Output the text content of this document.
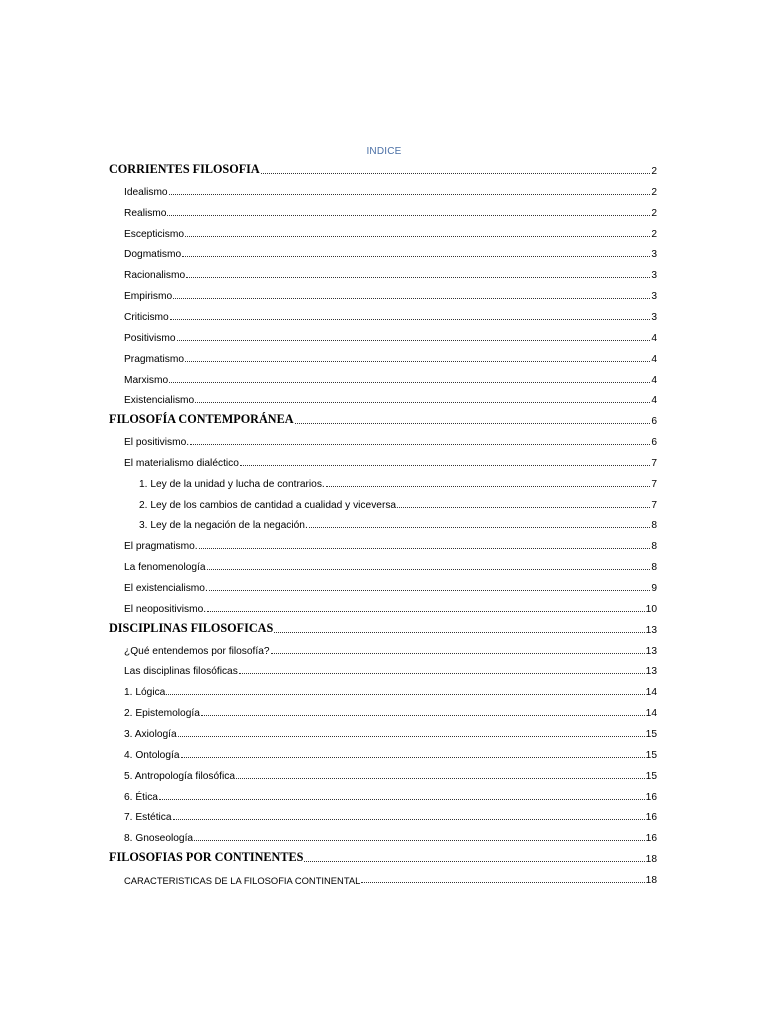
INDICE
CORRIENTES FILOSOFIA	2
Idealismo	2
Realismo	2
Escepticismo	2
Dogmatismo	3
Racionalismo	3
Empirismo	3
Criticismo	3
Positivismo	4
Pragmatismo	4
Marxismo	4
Existencialismo	4
FILOSOFÍA CONTEMPORÁNEA	6
El positivismo.	6
El materialismo dialéctico	7
1. Ley de la unidad y lucha de contrarios.	7
2. Ley de los cambios de cantidad a cualidad y viceversa	7
3. Ley de la negación de la negación.	8
El pragmatismo.	8
La fenomenología	8
El existencialismo.	9
El neopositivismo.	10
DISCIPLINAS FILOSOFICAS	13
¿Qué entendemos por filosofía?	13
Las disciplinas filosóficas	13
1. Lógica	14
2. Epistemología	14
3. Axiología	15
4. Ontología	15
5. Antropología filosófica	15
6. Ética	16
7. Estética	16
8. Gnoseología	16
FILOSOFIAS POR CONTINENTES	18
CARACTERISTICAS DE LA FILOSOFIA CONTINENTAL	18
